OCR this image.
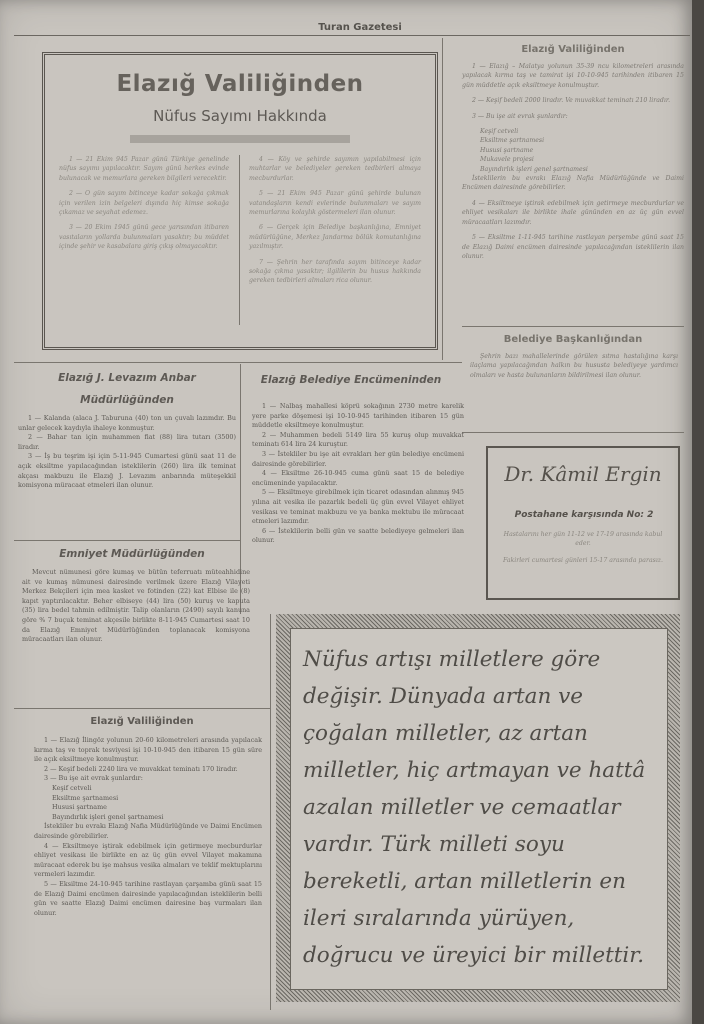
Turan Gazetesi
Elazığ Valiliğinden
Nüfus Sayımı Hakkında

1 — 21 Ekim 945 Pazar günü Türkiye genelinde nüfus sayımı yapılacaktır. Sayım günü herkes evinde bulunacak ve memurlara gereken bilgileri verecektir.

2 — O gün sayım bitinceye kadar sokağa çıkmak için verilen izin belgeleri dışında hiç kimse sokağa çıkamaz ve seyahat edemez.

3 — 20 Ekim 1945 günü gece yarısından itibaren vasıtaların yollarda bulunmaları yasaktır; bu müddet içinde şehir ve kasabalara giriş çıkış olmayacaktır.

4 — Köy ve şehirde sayımın yapılabilmesi için muhtarlar ve belediyeler gereken tedbirleri almaya mecburdurlar.

5 — 21 Ekim 945 Pazar günü şehirde bulunan vatandaşların kendi evlerinde bulunmaları ve sayım memurlarına kolaylık göstermeleri ilan olunur.

6 — Gerçek için Belediye başkanlığına, Emniyet müdürlüğüne, Merkez Jandarma bölük komutanlığına yazılmıştır.

7 — Şehrin her tarafında sayım bitinceye kadar sokağa çıkma yasaktır; ilgililerin bu husus hakkında gereken tedbirleri almaları rica olunur.

Elazığ Valiliğinden

1 — Elazığ – Malatya yolunun 35-39 ncu kilometreleri arasında yapılacak kırma taş ve tamirat işi 10-10-945 tarihinden itibaren 15 gün müddetle açık eksiltmeye konulmuştur.

2 — Keşif bedeli 2000 liradır. Ve muvakkat teminatı 210 liradır.

3 — Bu işe ait evrak şunlardır:

Keşif cetveli
Eksiltme şartnamesi
Hususi şartname
Mukavele projesi
Bayındırlık işleri genel şartnamesi

İsteklilerin bu evrakı Elazığ Nafia Müdürlüğünde ve Daimi Encümen dairesinde görebilirler.

4 — Eksiltmeye iştirak edebilmek için getirmeye mecburdurlar ve ehliyet vesikaları ile birlikte ihale gününden en az üç gün evvel müracaatları lazımdır.

5 — Eksiltme 1-11-945 tarihine rastlayan perşembe günü saat 15 de Elazığ Daimi encümen dairesinde yapılacağından isteklilerin ilan olunur.

Belediye Başkanlığından

Şehrin bazı mahallelerinde görülen sıtma hastalığına karşı ilaçlama yapılacağından halkın bu hususta belediyeye yardımcı olmaları ve hasta bulunanların bildirilmesi ilan olunur.

Elazığ J. Levazım Anbar
Müdürlüğünden

1 — Kalanda (alaca J. Taburuna (40) ton un çuvalı lazımdır. Bu unlar gelecek kaydıyla ihaleye konmuştur.

2 — Bahar tan için muhammen fiat (88) lira tutarı (3500) liradır.

3 — İş bu teşrim işi için 5-11-945 Cumartesi günü saat 11 de açık eksiltme yapılacağından isteklilerin (260) lira ilk teminat akçası makbuzu ile Elazığ J. Levazım anbarında müteşekkil komisyona müracaat etmeleri ilan olunur.

Elazığ Belediye Encümeninden

1 — Nalbaş mahallesi köprü sokağının 2730 metre karelik yere parke döşemesi işi 10-10-945 tarihinden itibaren 15 gün müddetle eksiltmeye konulmuştur.

2 — Muhammen bedeli 5149 lira 55 kuruş olup muvakkat teminatı 614 lira 24 kuruştur.

3 — İstekliler bu işe ait evrakları her gün belediye encümeni dairesinde görebilirler.

4 — Eksiltme 26-10-945 cuma günü saat 15 de belediye encümeninde yapılacaktır.

5 — Eksiltmeye girebilmek için ticaret odasından alınmış 945 yılına ait vesika ile pazarlık bedeli üç gün evvel Vilayet ehliyet vesikası ve teminat makbuzu ve ya banka mektubu ile müracaat etmeleri lazımdır.

6 — İsteklilerin belli gün ve saatte belediyeye gelmeleri ilan olunur.

Emniyet Müdürlüğünden

Mevcut nümunesi göre kumaş ve bütün teferruatı müteahhidine ait ve kumaş nümunesi dairesinde verilmek üzere Elazığ Vilayeti Merkez Bekçileri için mea kasket ve fotinden (22) kat Elbise ile (8) kapıt yaptırılacaktır. Beher elbiseye (44) lira (50) kuruş ve kaputa (35) lira bedel tahmin edilmiştir. Talip olanların (2490) sayılı kanuna göre % 7 buçuk teminat akçesile birlikte 8-11-945 Cumartesi saat 10 da Elazığ Emniyet Müdürlüğünden toplanacak komisyona müracaatları ilan olunur.

Elazığ Valiliğinden

1 — Elazığ İlingöz yolunun 20-60 kilometreleri arasında yapılacak kırma taş ve toprak tesviyesi işi 10-10-945 den itibaren 15 gün süre ile açık eksiltmeye konulmuştur.

2 — Keşif bedeli 2240 lira ve muvakkat teminatı 170 liradır.

3 — Bu işe ait evrak şunlardır:

Keşif cetveli
Eksiltme şartnamesi
Hususi şartname
Bayındırlık işleri genel şartnamesi

İstekliler bu evrakı Elazığ Nafia Müdürlüğünde ve Daimi Encümen dairesinde görebilirler.

4 — Eksiltmeye iştirak edebilmek için getirmeye mecburdurlar ehliyet vesikası ile birlikte en az üç gün evvel Vilayet makamına müracaat ederek bu işe mahsus vesika almaları ve teklif mektuplarını vermeleri lazımdır.

5 — Eksiltme 24-10-945 tarihine rastlayan çarşamba günü saat 15 de Elazığ Daimi encümen dairesinde yapılacağından isteklilerin belli gün ve saatte Elazığ Daimi encümen dairesine baş vurmaları ilan olunur.

Dr. Kâmil Ergin
Postahane karşısında No: 2
Hastalarını her gün 11-12 ve 17-19 arasında kabul eder.
Fakirleri cumartesi günleri 15-17 arasında parasız.
Nüfus artışı milletlere göre değişir. Dünyada artan ve çoğalan milletler, az artan milletler, hiç artmayan ve hattâ azalan milletler ve cemaatlar vardır. Türk milleti soyu bereketli, artan milletlerin en ileri sıralarında yürüyen, doğrucu ve üreyici bir millettir.
